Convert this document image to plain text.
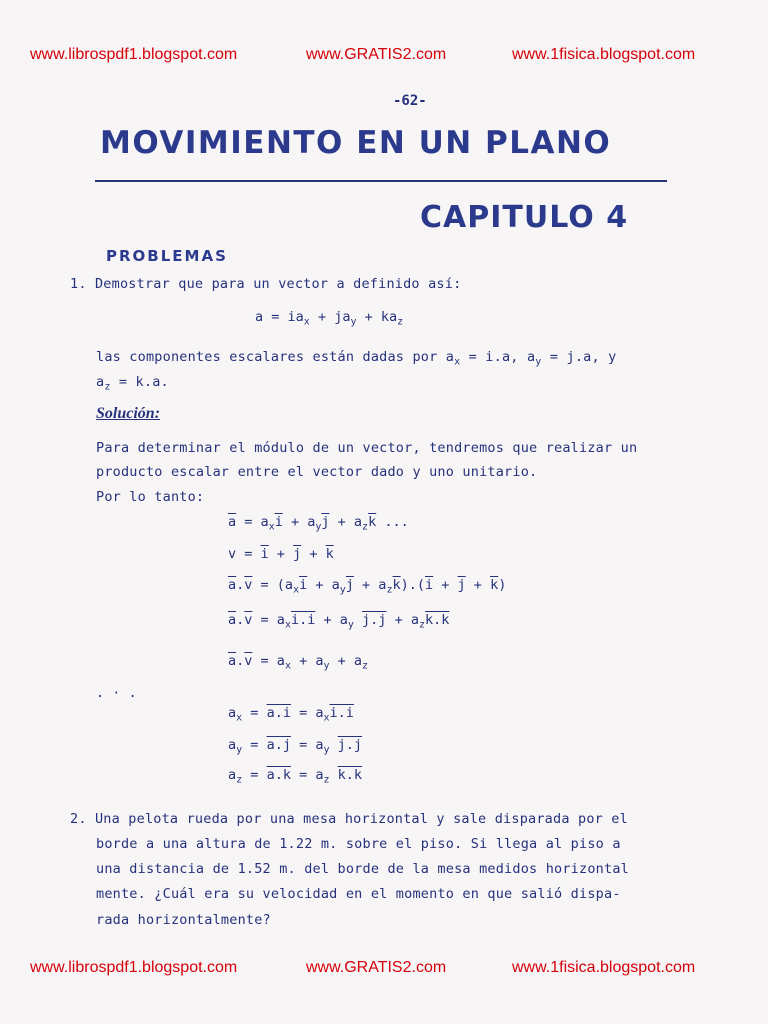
www.librospdf1.blogspot.com	www.GRATIS2.com	www.1fisica.blogspot.com
-62-
MOVIMIENTO EN UN PLANO
CAPITULO 4
PROBLEMAS
1. Demostrar que para un vector a definido así:
$a = ia_x + ja_y + ka_z$
las componentes escalares están dadas por $a_x = i.a$, $a_y = j.a$, y
$a_z = k.a$.
Solución:
Para determinar el módulo de un vector, tendremos que realizar un
producto escalar entre el vector dado y uno unitario.
Por lo tanto:
$\overline{a} = a_x\overline{i} + a_y\overline{j} + a_z\overline{k}$ ...
$v = \overline{i} + \overline{j} + \overline{k}$
$\overline{a}.\overline{v} = (a_x\overline{i} + a_y\overline{j} + a_z\overline{k}).(\overline{i} + \overline{j} + \overline{k})$
$\overline{a}.\overline{v} = a_xi.i + a_y$ $j.j + a_zk.k$
$\overline{a}.\overline{v} = a_x + a_y + a_z$
. · .
$a_x = a.i = a_xi.i$
$a_y = a.j = a_y$ j.j
$a_z = a.k = a_z$ k.k
2. Una pelota rueda por una mesa horizontal y sale disparada por el
borde a una altura de 1.22 m. sobre el piso. Si llega al piso a
una distancia de 1.52 m. del borde de la mesa medidos horizontal
mente. ¿Cuál era su velocidad en el momento en que salió dispa-
rada horizontalmente?
www.librospdf1.blogspot.com	www.GRATIS2.com	www.1fisica.blogspot.com
